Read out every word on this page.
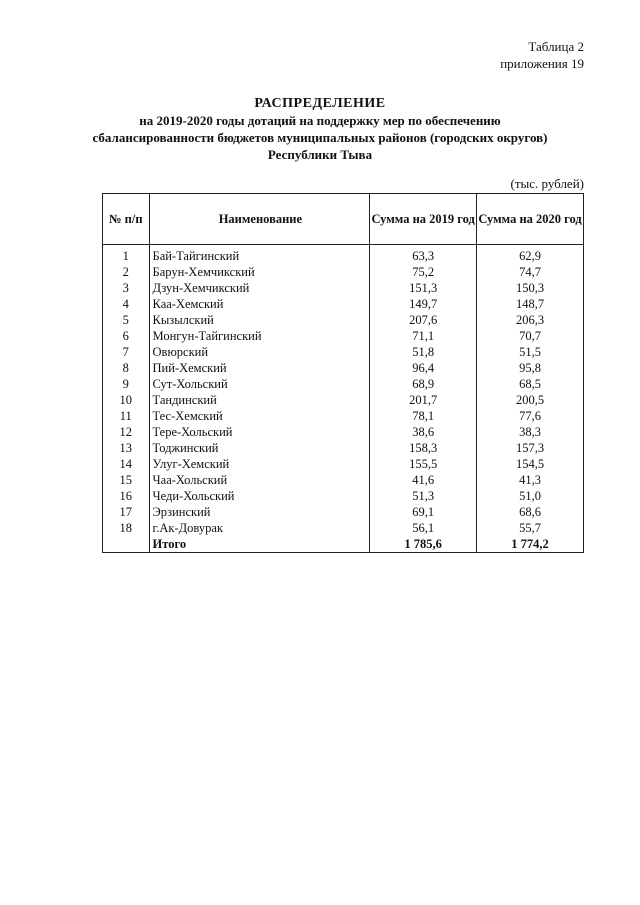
Таблица 2
приложения 19
РАСПРЕДЕЛЕНИЕ
на 2019-2020 годы дотаций на поддержку мер по обеспечению
сбалансированности бюджетов муниципальных районов (городских округов)
Республики Тыва
(тыс. рублей)
№ п/п	Наименование	Сумма на 2019 год	Сумма на 2020 год
1	Бай-Тайгинский	63,3	62,9
2	Барун-Хемчикский	75,2	74,7
3	Дзун-Хемчикский	151,3	150,3
4	Каа-Хемский	149,7	148,7
5	Кызылский	207,6	206,3
6	Монгун-Тайгинский	71,1	70,7
7	Овюрский	51,8	51,5
8	Пий-Хемский	96,4	95,8
9	Сут-Хольский	68,9	68,5
10	Тандинский	201,7	200,5
11	Тес-Хемский	78,1	77,6
12	Тере-Хольский	38,6	38,3
13	Тоджинский	158,3	157,3
14	Улуг-Хемский	155,5	154,5
15	Чаа-Хольский	41,6	41,3
16	Чеди-Хольский	51,3	51,0
17	Эрзинский	69,1	68,6
18	г.Ак-Довурак	56,1	55,7
	Итого	1 785,6	1 774,2
